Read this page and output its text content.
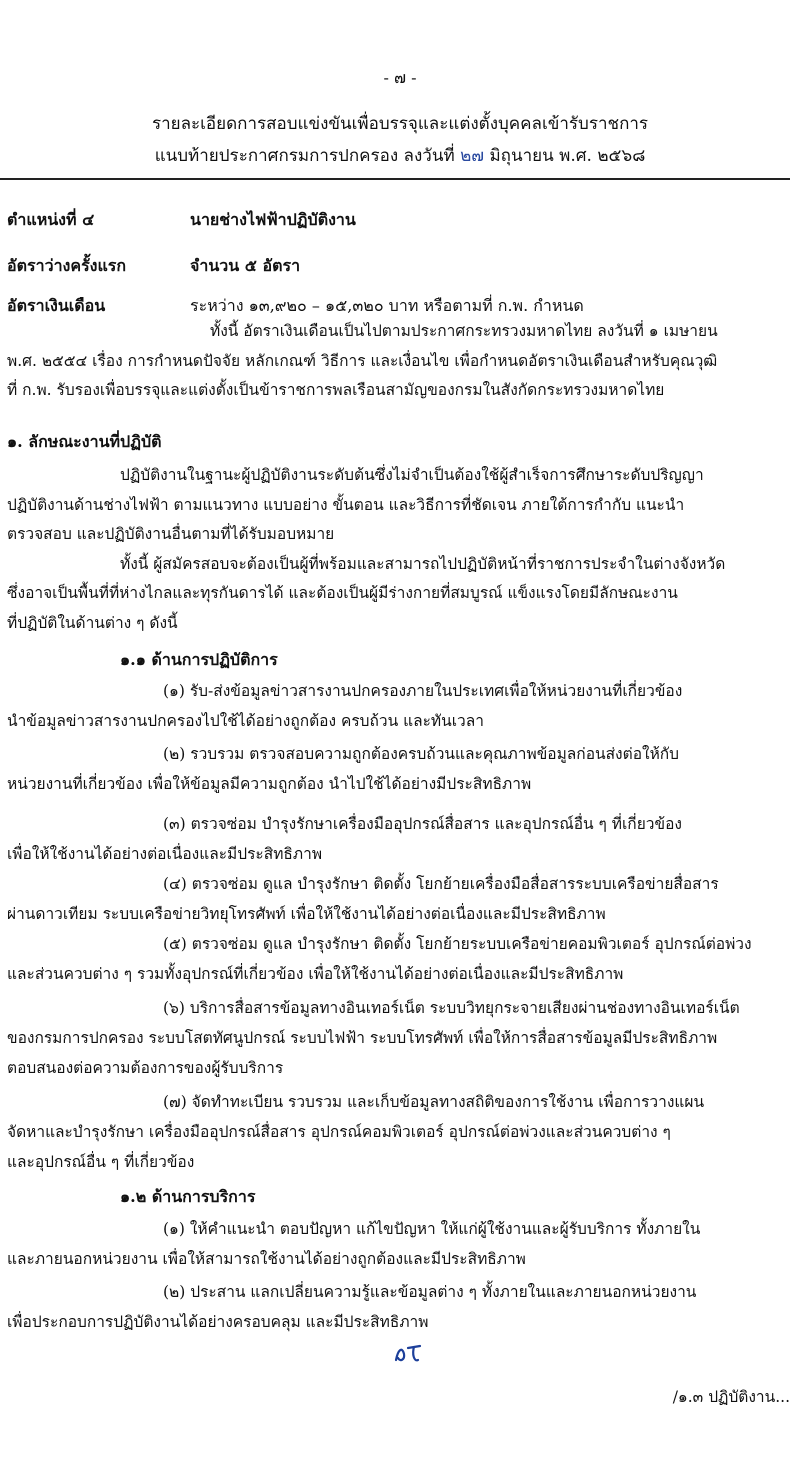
- ๗ -
รายละเอียดการสอบแข่งขันเพื่อบรรจุและแต่งตั้งบุคคลเข้ารับราชการ
แนบท้ายประกาศกรมการปกครอง ลงวันที่ ๒๗ มิถุนายน พ.ศ. ๒๕๖๘
ตำแหน่งที่ ๔	นายช่างไฟฟ้าปฏิบัติงาน
อัตราว่างครั้งแรก	จำนวน ๕ อัตรา
อัตราเงินเดือน	ระหว่าง ๑๓,๙๒๐ – ๑๕,๓๒๐ บาท หรือตามที่ ก.พ. กำหนด
ทั้งนี้ อัตราเงินเดือนเป็นไปตามประกาศกระทรวงมหาดไทย ลงวันที่ ๑ เมษายน
พ.ศ. ๒๕๕๔ เรื่อง การกำหนดปัจจัย หลักเกณฑ์ วิธีการ และเงื่อนไข เพื่อกำหนดอัตราเงินเดือนสำหรับคุณวุฒิ
ที่ ก.พ. รับรองเพื่อบรรจุและแต่งตั้งเป็นข้าราชการพลเรือนสามัญของกรมในสังกัดกระทรวงมหาดไทย
๑. ลักษณะงานที่ปฏิบัติ
ปฏิบัติงานในฐานะผู้ปฏิบัติงานระดับต้นซึ่งไม่จำเป็นต้องใช้ผู้สำเร็จการศึกษาระดับปริญญา
ปฏิบัติงานด้านช่างไฟฟ้า ตามแนวทาง แบบอย่าง ขั้นตอน และวิธีการที่ชัดเจน ภายใต้การกำกับ แนะนำ
ตรวจสอบ และปฏิบัติงานอื่นตามที่ได้รับมอบหมาย
ทั้งนี้ ผู้สมัครสอบจะต้องเป็นผู้ที่พร้อมและสามารถไปปฏิบัติหน้าที่ราชการประจำในต่างจังหวัด
ซึ่งอาจเป็นพื้นที่ที่ห่างไกลและทุรกันดารได้ และต้องเป็นผู้มีร่างกายที่สมบูรณ์ แข็งแรงโดยมีลักษณะงาน
ที่ปฏิบัติในด้านต่าง ๆ ดังนี้
๑.๑ ด้านการปฏิบัติการ
(๑) รับ-ส่งข้อมูลข่าวสารงานปกครองภายในประเทศเพื่อให้หน่วยงานที่เกี่ยวข้อง
นำข้อมูลข่าวสารงานปกครองไปใช้ได้อย่างถูกต้อง ครบถ้วน และทันเวลา
(๒) รวบรวม ตรวจสอบความถูกต้องครบถ้วนและคุณภาพข้อมูลก่อนส่งต่อให้กับ
หน่วยงานที่เกี่ยวข้อง เพื่อให้ข้อมูลมีความถูกต้อง นำไปใช้ได้อย่างมีประสิทธิภาพ
(๓) ตรวจซ่อม บำรุงรักษาเครื่องมืออุปกรณ์สื่อสาร และอุปกรณ์อื่น ๆ ที่เกี่ยวข้อง
เพื่อให้ใช้งานได้อย่างต่อเนื่องและมีประสิทธิภาพ
(๔) ตรวจซ่อม ดูแล บำรุงรักษา ติดตั้ง โยกย้ายเครื่องมือสื่อสารระบบเครือข่ายสื่อสาร
ผ่านดาวเทียม ระบบเครือข่ายวิทยุโทรศัพท์ เพื่อให้ใช้งานได้อย่างต่อเนื่องและมีประสิทธิภาพ
(๕) ตรวจซ่อม ดูแล บำรุงรักษา ติดตั้ง โยกย้ายระบบเครือข่ายคอมพิวเตอร์ อุปกรณ์ต่อพ่วง
และส่วนควบต่าง ๆ รวมทั้งอุปกรณ์ที่เกี่ยวข้อง เพื่อให้ใช้งานได้อย่างต่อเนื่องและมีประสิทธิภาพ
(๖) บริการสื่อสารข้อมูลทางอินเทอร์เน็ต ระบบวิทยุกระจายเสียงผ่านช่องทางอินเทอร์เน็ต
ของกรมการปกครอง ระบบโสตทัศนูปกรณ์ ระบบไฟฟ้า ระบบโทรศัพท์ เพื่อให้การสื่อสารข้อมูลมีประสิทธิภาพ
ตอบสนองต่อความต้องการของผู้รับบริการ
(๗) จัดทำทะเบียน รวบรวม และเก็บข้อมูลทางสถิติของการใช้งาน เพื่อการวางแผน
จัดหาและบำรุงรักษา เครื่องมืออุปกรณ์สื่อสาร อุปกรณ์คอมพิวเตอร์ อุปกรณ์ต่อพ่วงและส่วนควบต่าง ๆ
และอุปกรณ์อื่น ๆ ที่เกี่ยวข้อง
๑.๒ ด้านการบริการ
(๑) ให้คำแนะนำ ตอบปัญหา แก้ไขปัญหา ให้แก่ผู้ใช้งานและผู้รับบริการ ทั้งภายใน
และภายนอกหน่วยงาน เพื่อให้สามารถใช้งานได้อย่างถูกต้องและมีประสิทธิภาพ
(๒) ประสาน แลกเปลี่ยนความรู้และข้อมูลต่าง ๆ ทั้งภายในและภายนอกหน่วยงาน
เพื่อประกอบการปฏิบัติงานได้อย่างครอบคลุม และมีประสิทธิภาพ
/๑.๓ ปฏิบัติงาน...
